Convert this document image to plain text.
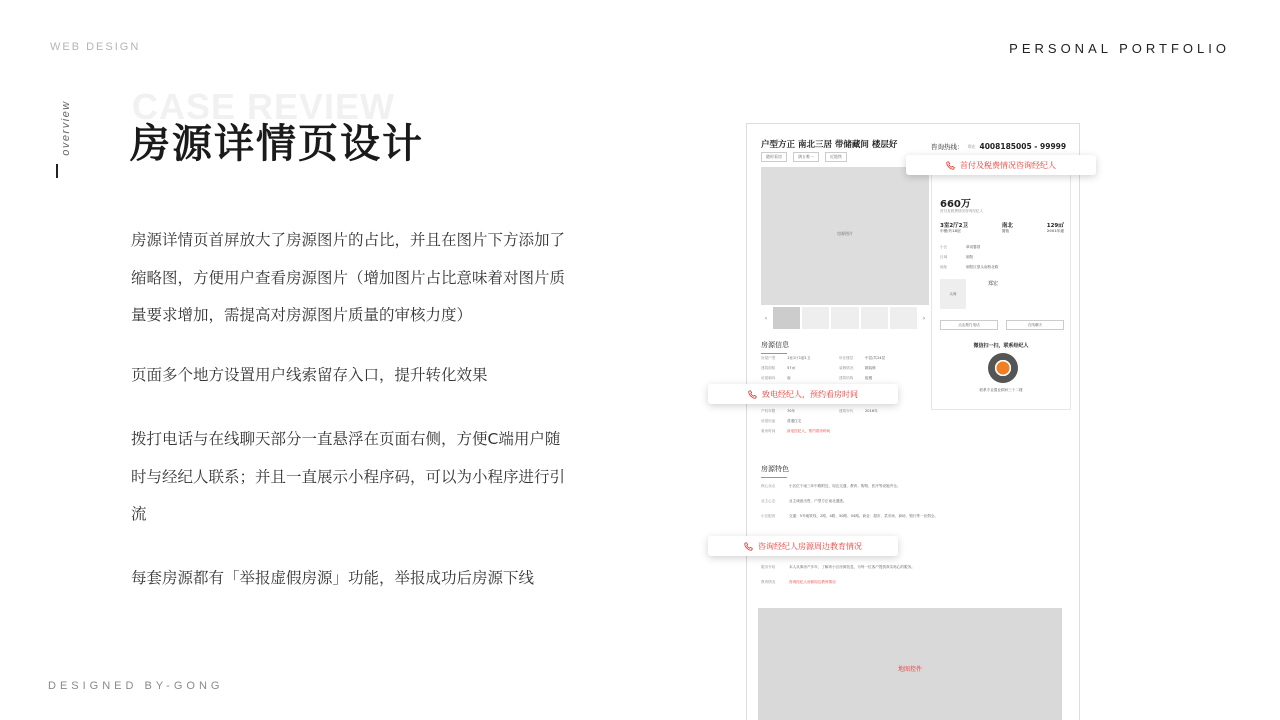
WEB DESIGN	PERSONAL PORTFOLIO
DESIGNED BY-GONG
overview CASE REVIEW
房源详情页设计
房源详情页首屏放大了房源图片的占比，并且在图片下方添加了缩略图，方便用户查看房源图片（增加图片占比意味着对图片质量要求增加，需提高对房源图片质量的审核力度）
页面多个地方设置用户线索留存入口，提升转化效果
拨打电话与在线聊天部分一直悬浮在页面右侧，方便C端用户随时与经纪人联系；并且一直展示小程序码，可以为小程序进行引流
每套房源都有「举报虚假房源」功能，举报成功后房源下线
户型方正 南北三居 带储藏间 楼层好
随时看房	满五唯一	近地铁
咨询热线： 郑宏 4008185005 - 99999
房源图片
‹	›
660万
首付及税费情况咨询经纪人
3室2厅2卫
中楼/共18层
南北
简装
129㎡
2001年建
小区	翠成馨园
区域	朝阳
地址	朝阳区望头南桥北路
头像
郑宏
点击拨打电话	在线聊天
微信扫一扫，联系经纪人
联系专业置业顾问三十二楼
房源信息
房屋户型	1室1厅1厨1卫	所在楼层	中层/共24层
建筑面积	57㎡	装修情况	精装修
房屋朝向	南	建筑结构	板楼
产权年限	70年	建筑年代	2016年
房屋用途	普通住宅
看房时间	致电经纪人，预约看房时间
房源特色
核心卖点	小区位于南三环中路附近，周边交通、教育、购物、医疗等设施齐全。
业主心态	业主诚意出售，户型方正南北通透。
小区配套	交通：5号地铁线、2路、4路、50路、54路。商业：超市、菜市场、商场、银行等一应俱全。
服务介绍	本人从事房产多年，了解该小区房源信息，为每一位客户提供真实贴心的服务。
教育情况	咨询经纪人房源周边教育情况
地图控件
首付及税费情况咨询经纪人
致电经纪人，预约看房时间
咨询经纪人房源周边教育情况
